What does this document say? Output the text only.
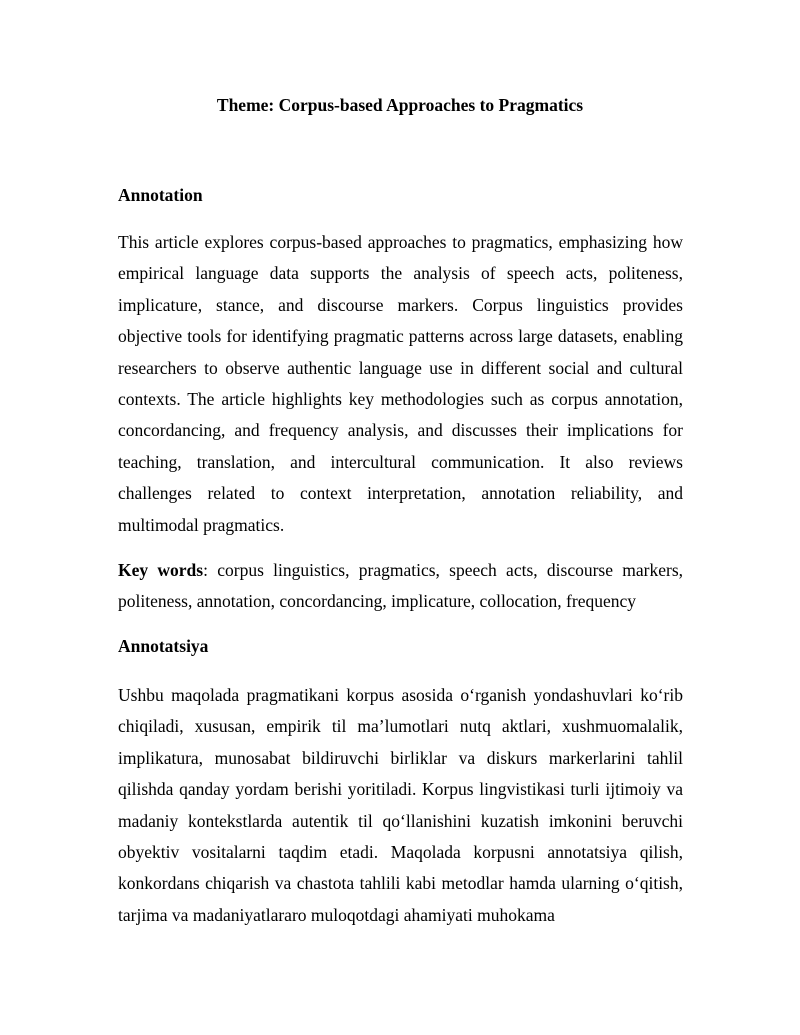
Theme: Corpus-based Approaches to Pragmatics
Annotation
This article explores corpus-based approaches to pragmatics, emphasizing how empirical language data supports the analysis of speech acts, politeness, implicature, stance, and discourse markers. Corpus linguistics provides objective tools for identifying pragmatic patterns across large datasets, enabling researchers to observe authentic language use in different social and cultural contexts. The article highlights key methodologies such as corpus annotation, concordancing, and frequency analysis, and discusses their implications for teaching, translation, and intercultural communication. It also reviews challenges related to context interpretation, annotation reliability, and multimodal pragmatics.
Key words: corpus linguistics, pragmatics, speech acts, discourse markers, politeness, annotation, concordancing, implicature, collocation, frequency
Annotatsiya
Ushbu maqolada pragmatikani korpus asosida o‘rganish yondashuvlari ko‘rib chiqiladi, xususan, empirik til ma’lumotlari nutq aktlari, xushmuomalalik, implikatura, munosabat bildiruvchi birliklar va diskurs markerlarini tahlil qilishda qanday yordam berishi yoritiladi. Korpus lingvistikasi turli ijtimoiy va madaniy kontekstlarda autentik til qo‘llanishini kuzatish imkonini beruvchi obyektiv vositalarni taqdim etadi. Maqolada korpusni annotatsiya qilish, konkordans chiqarish va chastota tahlili kabi metodlar hamda ularning o‘qitish, tarjima va madaniyatlararo muloqotdagi ahamiyati muhokama
